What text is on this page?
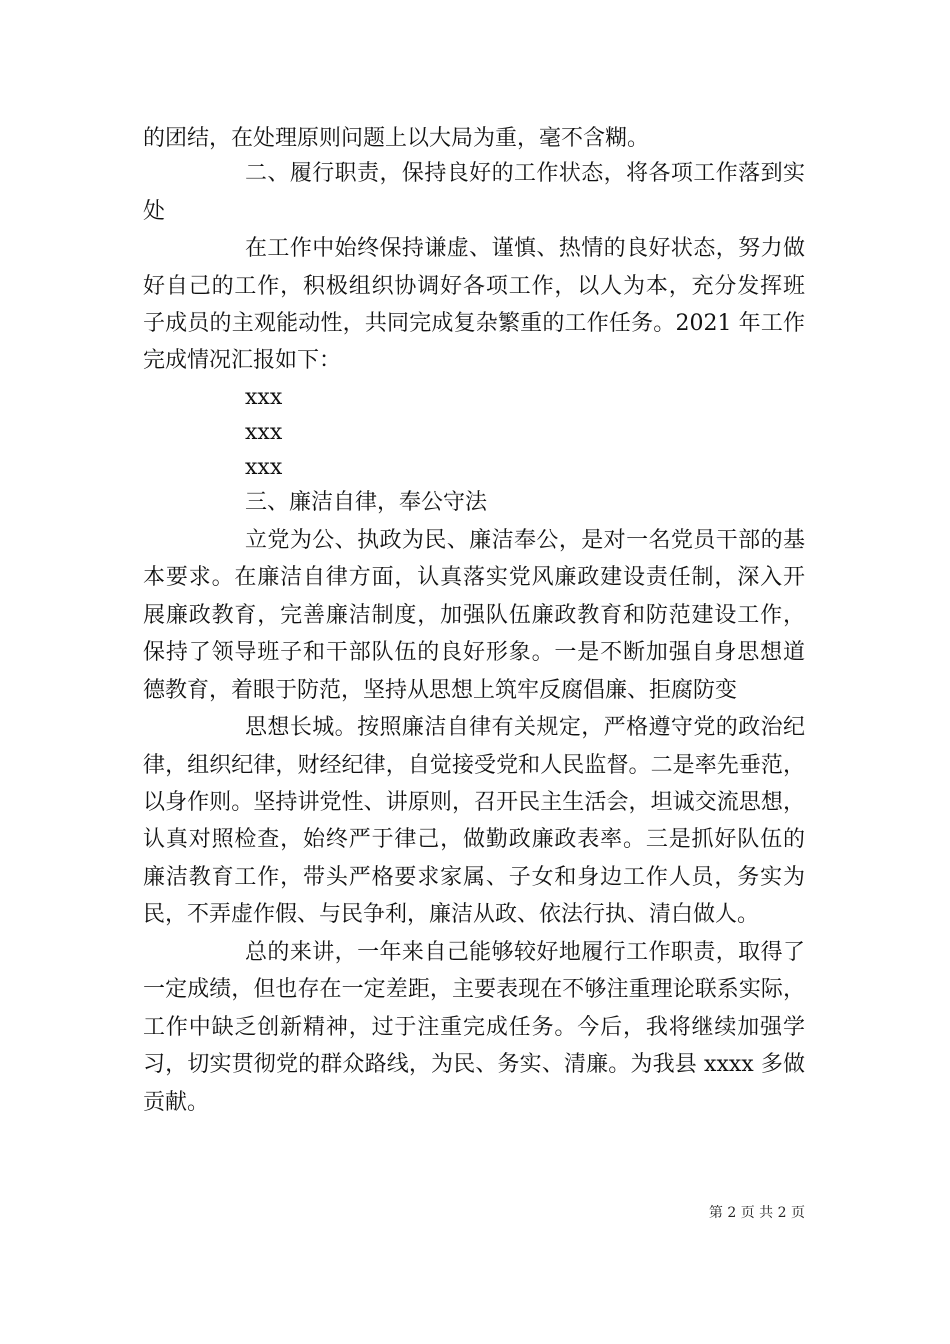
的团结，在处理原则问题上以大局为重，毫不含糊。
二、履行职责，保持良好的工作状态，将各项工作落到实
处
在工作中始终保持谦虚、谨慎、热情的良好状态，努力做
好自己的工作，积极组织协调好各项工作，以人为本，充分发挥班
子成员的主观能动性，共同完成复杂繁重的工作任务。2021 年工作
完成情况汇报如下：
xxx
xxx
xxx
三、廉洁自律，奉公守法
立党为公、执政为民、廉洁奉公，是对一名党员干部的基
本要求。在廉洁自律方面，认真落实党风廉政建设责任制，深入开
展廉政教育，完善廉洁制度，加强队伍廉政教育和防范建设工作，
保持了领导班子和干部队伍的良好形象。一是不断加强自身思想道
德教育，着眼于防范，坚持从思想上筑牢反腐倡廉、拒腐防变
思想长城。按照廉洁自律有关规定，严格遵守党的政治纪
律，组织纪律，财经纪律，自觉接受党和人民监督。二是率先垂范，
以身作则。坚持讲党性、讲原则，召开民主生活会，坦诚交流思想，
认真对照检查，始终严于律己，做勤政廉政表率。三是抓好队伍的
廉洁教育工作，带头严格要求家属、子女和身边工作人员，务实为
民，不弄虚作假、与民争利，廉洁从政、依法行执、清白做人。
总的来讲，一年来自己能够较好地履行工作职责，取得了
一定成绩，但也存在一定差距，主要表现在不够注重理论联系实际，
工作中缺乏创新精神，过于注重完成任务。今后，我将继续加强学
习，切实贯彻党的群众路线，为民、务实、清廉。为我县 xxxx 多做
贡献。
第 2 页 共 2 页
